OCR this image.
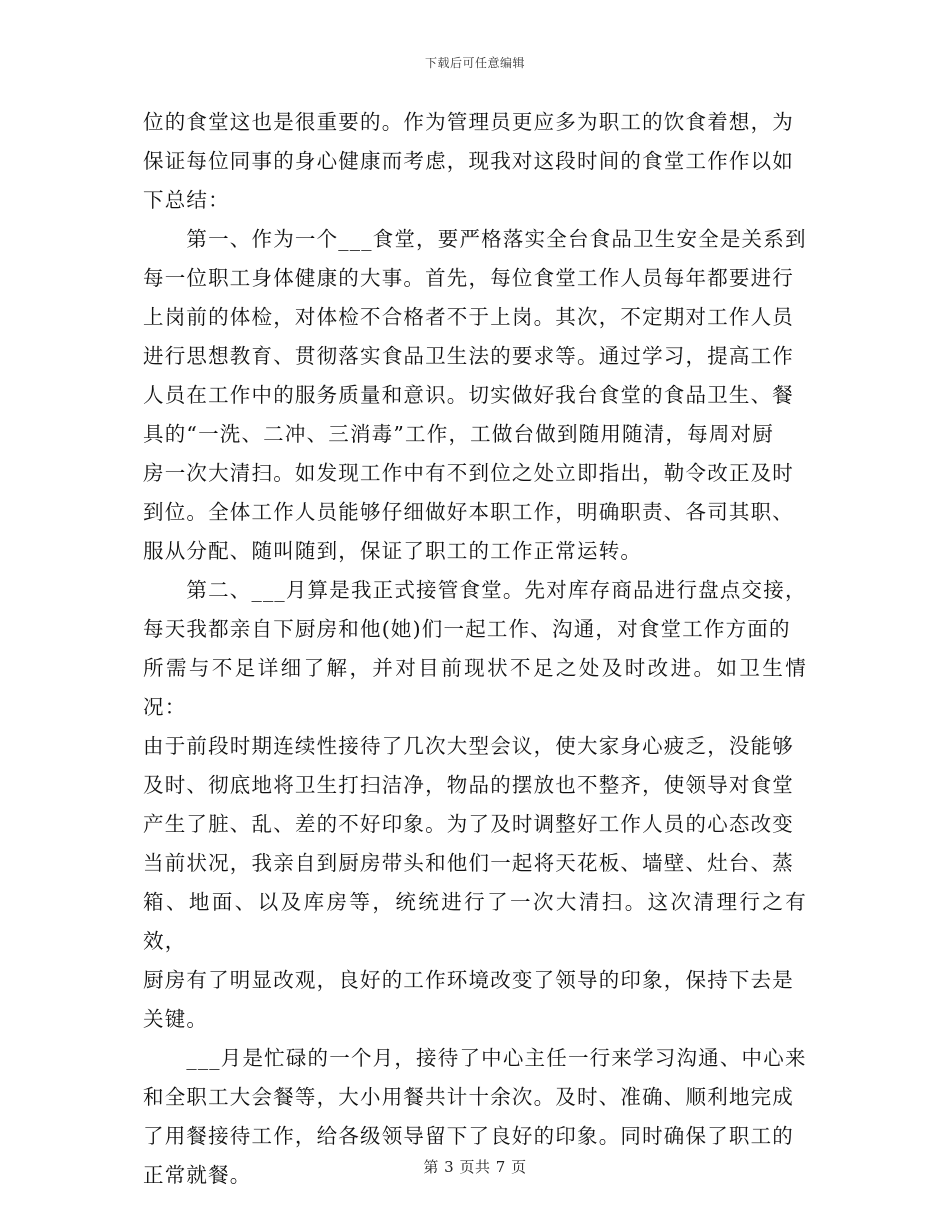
下载后可任意编辑

位的食堂这也是很重要的。作为管理员更应多为职工的饮食着想，为
保证每位同事的身心健康而考虑，现我对这段时间的食堂工作作以如
下总结：

　　第一、作为一个___食堂，要严格落实全台食品卫生安全是关系到
每一位职工身体健康的大事。首先，每位食堂工作人员每年都要进行
上岗前的体检，对体检不合格者不于上岗。其次，不定期对工作人员
进行思想教育、贯彻落实食品卫生法的要求等。通过学习，提高工作
人员在工作中的服务质量和意识。切实做好我台食堂的食品卫生、餐
具的“一洗、二冲、三消毒”工作，工做台做到随用随清，每周对厨
房一次大清扫。如发现工作中有不到位之处立即指出，勒令改正及时
到位。全体工作人员能够仔细做好本职工作，明确职责、各司其职、
服从分配、随叫随到，保证了职工的工作正常运转。

　　第二、___月算是我正式接管食堂。先对库存商品进行盘点交接，
每天我都亲自下厨房和他(她)们一起工作、沟通，对食堂工作方面的
所需与不足详细了解，并对目前现状不足之处及时改进。如卫生情况：
由于前段时期连续性接待了几次大型会议，使大家身心疲乏，没能够
及时、彻底地将卫生打扫洁净，物品的摆放也不整齐，使领导对食堂
产生了脏、乱、差的不好印象。为了及时调整好工作人员的心态改变
当前状况，我亲自到厨房带头和他们一起将天花板、墙壁、灶台、蒸
箱、地面、以及库房等，统统进行了一次大清扫。这次清理行之有效，
厨房有了明显改观，良好的工作环境改变了领导的印象，保持下去是
关键。

　　___月是忙碌的一个月，接待了中心主任一行来学习沟通、中心来
和全职工大会餐等，大小用餐共计十余次。及时、准确、顺利地完成
了用餐接待工作，给各级领导留下了良好的印象。同时确保了职工的
正常就餐。	第 3 页共 7 页
